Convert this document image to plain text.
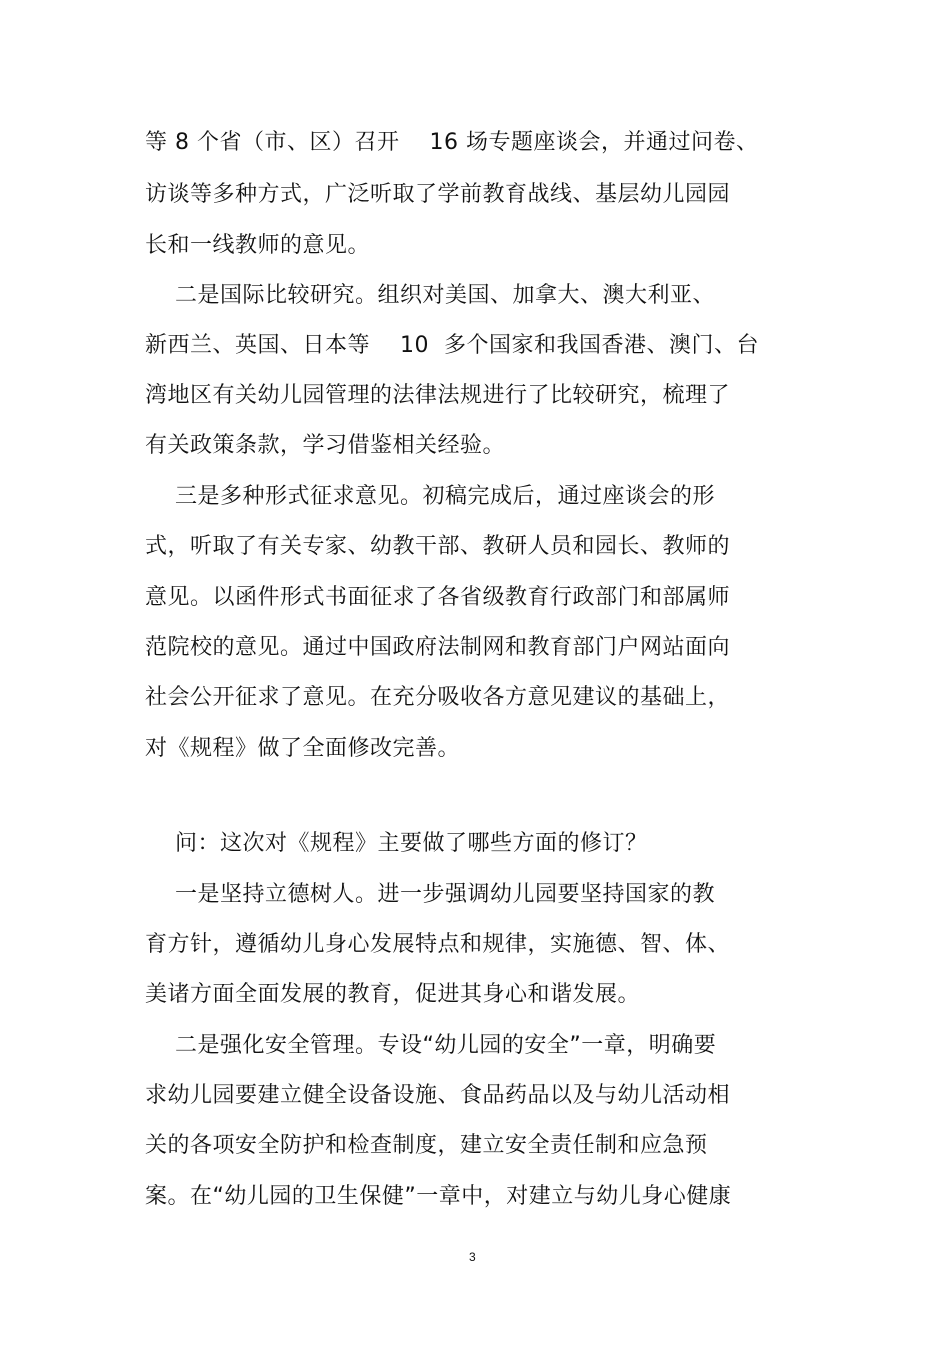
等 8 个省（市、区）召开    16 场专题座谈会，并通过问卷、
访谈等多种方式，广泛听取了学前教育战线、基层幼儿园园
长和一线教师的意见。
二是国际比较研究。组织对美国、加拿大、澳大利亚、
新西兰、英国、日本等    10  多个国家和我国香港、澳门、台
湾地区有关幼儿园管理的法律法规进行了比较研究，梳理了
有关政策条款，学习借鉴相关经验。
三是多种形式征求意见。初稿完成后，通过座谈会的形
式，听取了有关专家、幼教干部、教研人员和园长、教师的
意见。以函件形式书面征求了各省级教育行政部门和部属师
范院校的意见。通过中国政府法制网和教育部门户网站面向
社会公开征求了意见。在充分吸收各方意见建议的基础上，
对《规程》做了全面修改完善。
问：这次对《规程》主要做了哪些方面的修订？
一是坚持立德树人。进一步强调幼儿园要坚持国家的教
育方针，遵循幼儿身心发展特点和规律，实施德、智、体、
美诸方面全面发展的教育，促进其身心和谐发展。
二是强化安全管理。专设“幼儿园的安全”一章，明确要
求幼儿园要建立健全设备设施、食品药品以及与幼儿活动相
关的各项安全防护和检查制度，建立安全责任制和应急预
案。在“幼儿园的卫生保健”一章中，对建立与幼儿身心健康
3
